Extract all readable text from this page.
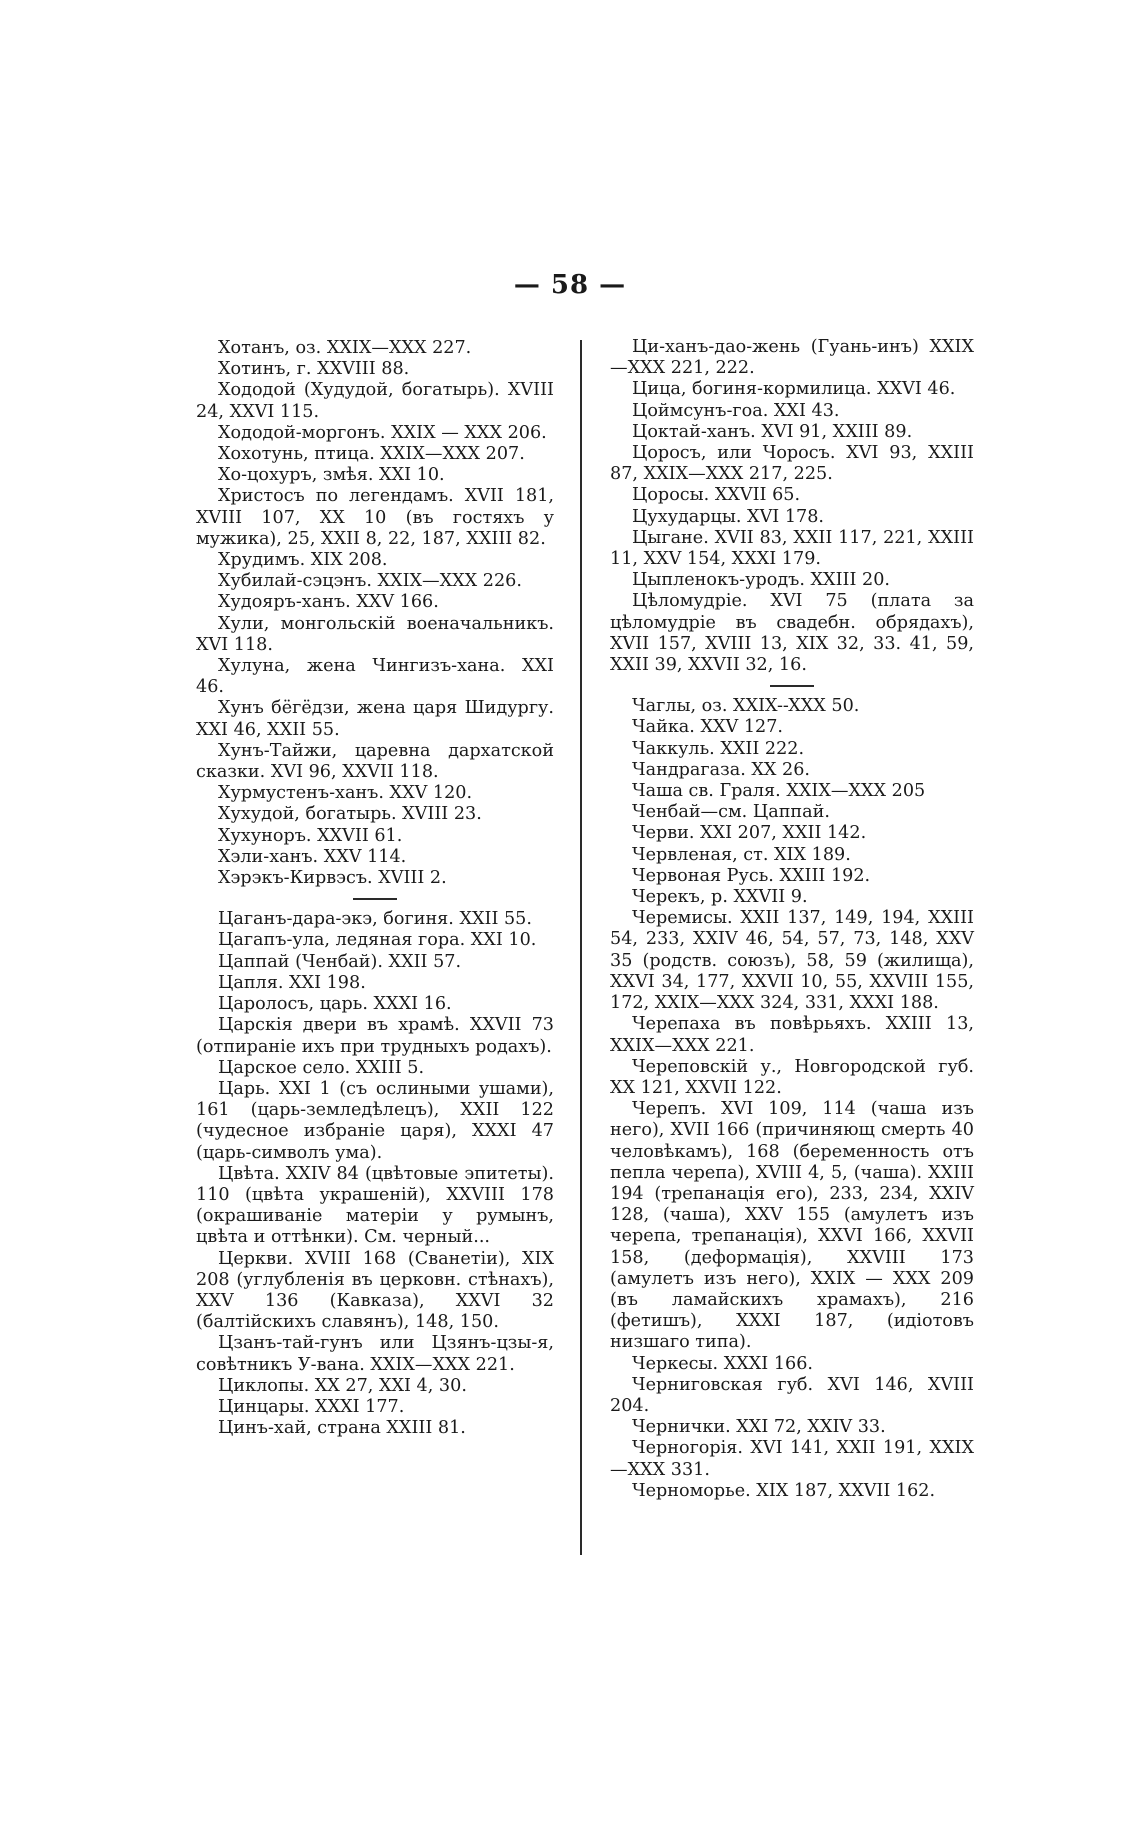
— 58 —

Хотанъ, оз. XXIX—XXX 227.

Хотинъ, г. XXVIII 88.

Хододой (Худудой, богатырь). XVIII 24, XXVI 115.

Хододой-моргонъ. XXIX — XXX 206.

Хохотунь, птица. XXIX—XXX 207.

Хо-цохуръ, змѣя. XXI 10.

Христосъ по легендамъ. XVII 181, XVIII 107, XX 10 (въ гостяхъ у мужика), 25, XXII 8, 22, 187, XXIII 82.

Хрудимъ. XIX 208.

Хубилай-сэцэнъ. XXIX—XXX 226.

Худояръ-ханъ. XXV 166.

Хули, монгольскій военачальникъ. XVI 118.

Хулуна, жена Чингизъ-хана. XXI 46.

Хунъ бёгёдзи, жена царя Шидургу. XXI 46, XXII 55.

Хунъ-Тайжи, царевна дархатской сказки. XVI 96, XXVII 118.

Хурмустенъ-ханъ. XXV 120.

Хухудой, богатырь. XVIII 23.

Хухуноръ. XXVII 61.

Хэли-ханъ. XXV 114.

Хэрэкъ-Кирвэсъ. XVIII 2.

Цаганъ-дара-экэ, богиня. XXII 55.

Цагапъ-ула, ледяная гора. XXI 10.

Цаппай (Ченбай). XXII 57.

Цапля. XXI 198.

Царолосъ, царь. XXXI 16.

Царскія двери въ храмѣ. XXVII 73 (отпираніе ихъ при трудныхъ родахъ).

Царское село. XXIII 5.

Царь. XXI 1 (съ ослиными ушами), 161 (царь-земледѣлецъ), XXII 122 (чудесное избраніе царя), XXXI 47 (царь-символъ ума).

Цвѣта. XXIV 84 (цвѣтовые эпитеты). 110 (цвѣта украшеній), XXVIII 178 (окрашиваніе матеріи у румынъ, цвѣта и оттѣнки). См. черный...

Церкви. XVIII 168 (Сванетіи), XIX 208 (углубленія въ церковн. стѣнахъ), XXV 136 (Кавказа), XXVI 32 (балтійскихъ славянъ), 148, 150.

Цзанъ-тай-гунъ или Цзянъ-цзы-я, совѣтникъ У-вана. XXIX—XXX 221.

Циклопы. XX 27, XXI 4, 30.

Цинцары. XXXI 177.

Цинъ-хай, страна XXIII 81.

Ци-ханъ-дао-жень (Гуань-инъ) XXIX—XXX 221, 222.

Цица, богиня-кормилица. XXVI 46.

Цоймсунъ-гоа. XXI 43.

Цоктай-ханъ. XVI 91, XXIII 89.

Цоросъ, или Чоросъ. XVI 93, XXIII 87, XXIX—XXX 217, 225.

Цоросы. XXVII 65.

Цухударцы. XVI 178.

Цыгане. XVII 83, XXII 117, 221, XXIII 11, XXV 154, XXXI 179.

Цыпленокъ-уродъ. XXIII 20.

Цѣломудріе. XVI 75 (плата за цѣломудріе въ свадебн. обрядахъ), XVII 157, XVIII 13, XIX 32, 33. 41, 59, XXII 39, XXVII 32, 16.

Чаглы, оз. XXIX--XXX 50.

Чайка. XXV 127.

Чаккуль. XXII 222.

Чандрагаза. XX 26.

Чаша св. Граля. XXIX—XXX 205

Ченбай—см. Цаппай.

Черви. XXI 207, XXII 142.

Червленая, ст. XIX 189.

Червоная Русь. XXIII 192.

Черекъ, р. XXVII 9.

Черемисы. XXII 137, 149, 194, XXIII 54, 233, XXIV 46, 54, 57, 73, 148, XXV 35 (родств. союзъ), 58, 59 (жилища), XXVI 34, 177, XXVII 10, 55, XXVIII 155, 172, XXIX—XXX 324, 331, XXXI 188.

Черепаха въ повѣрьяхъ. XXIII 13, XXIX—XXX 221.

Череповскій у., Новгородской губ. XX 121, XXVII 122.

Черепъ. XVI 109, 114 (чаша изъ него), XVII 166 (причиняющ смерть 40 человѣкамъ), 168 (беременность отъ пепла черепа), XVIII 4, 5, (чаша). XXIII 194 (трепанація его), 233, 234, XXIV 128, (чаша), XXV 155 (амулетъ изъ черепа, трепанація), XXVI 166, XXVII 158, (деформація), XXVIII 173 (амулетъ изъ него), XXIX — XXX 209 (въ ламайскихъ храмахъ), 216 (фетишъ), XXXI 187, (идіотовъ низшаго типа).

Черкесы. XXXI 166.

Черниговская губ. XVI 146, XVIII 204.

Чернички. XXI 72, XXIV 33.

Черногорія. XVI 141, XXII 191, XXIX—XXX 331.

Черноморье. XIX 187, XXVII 162.
